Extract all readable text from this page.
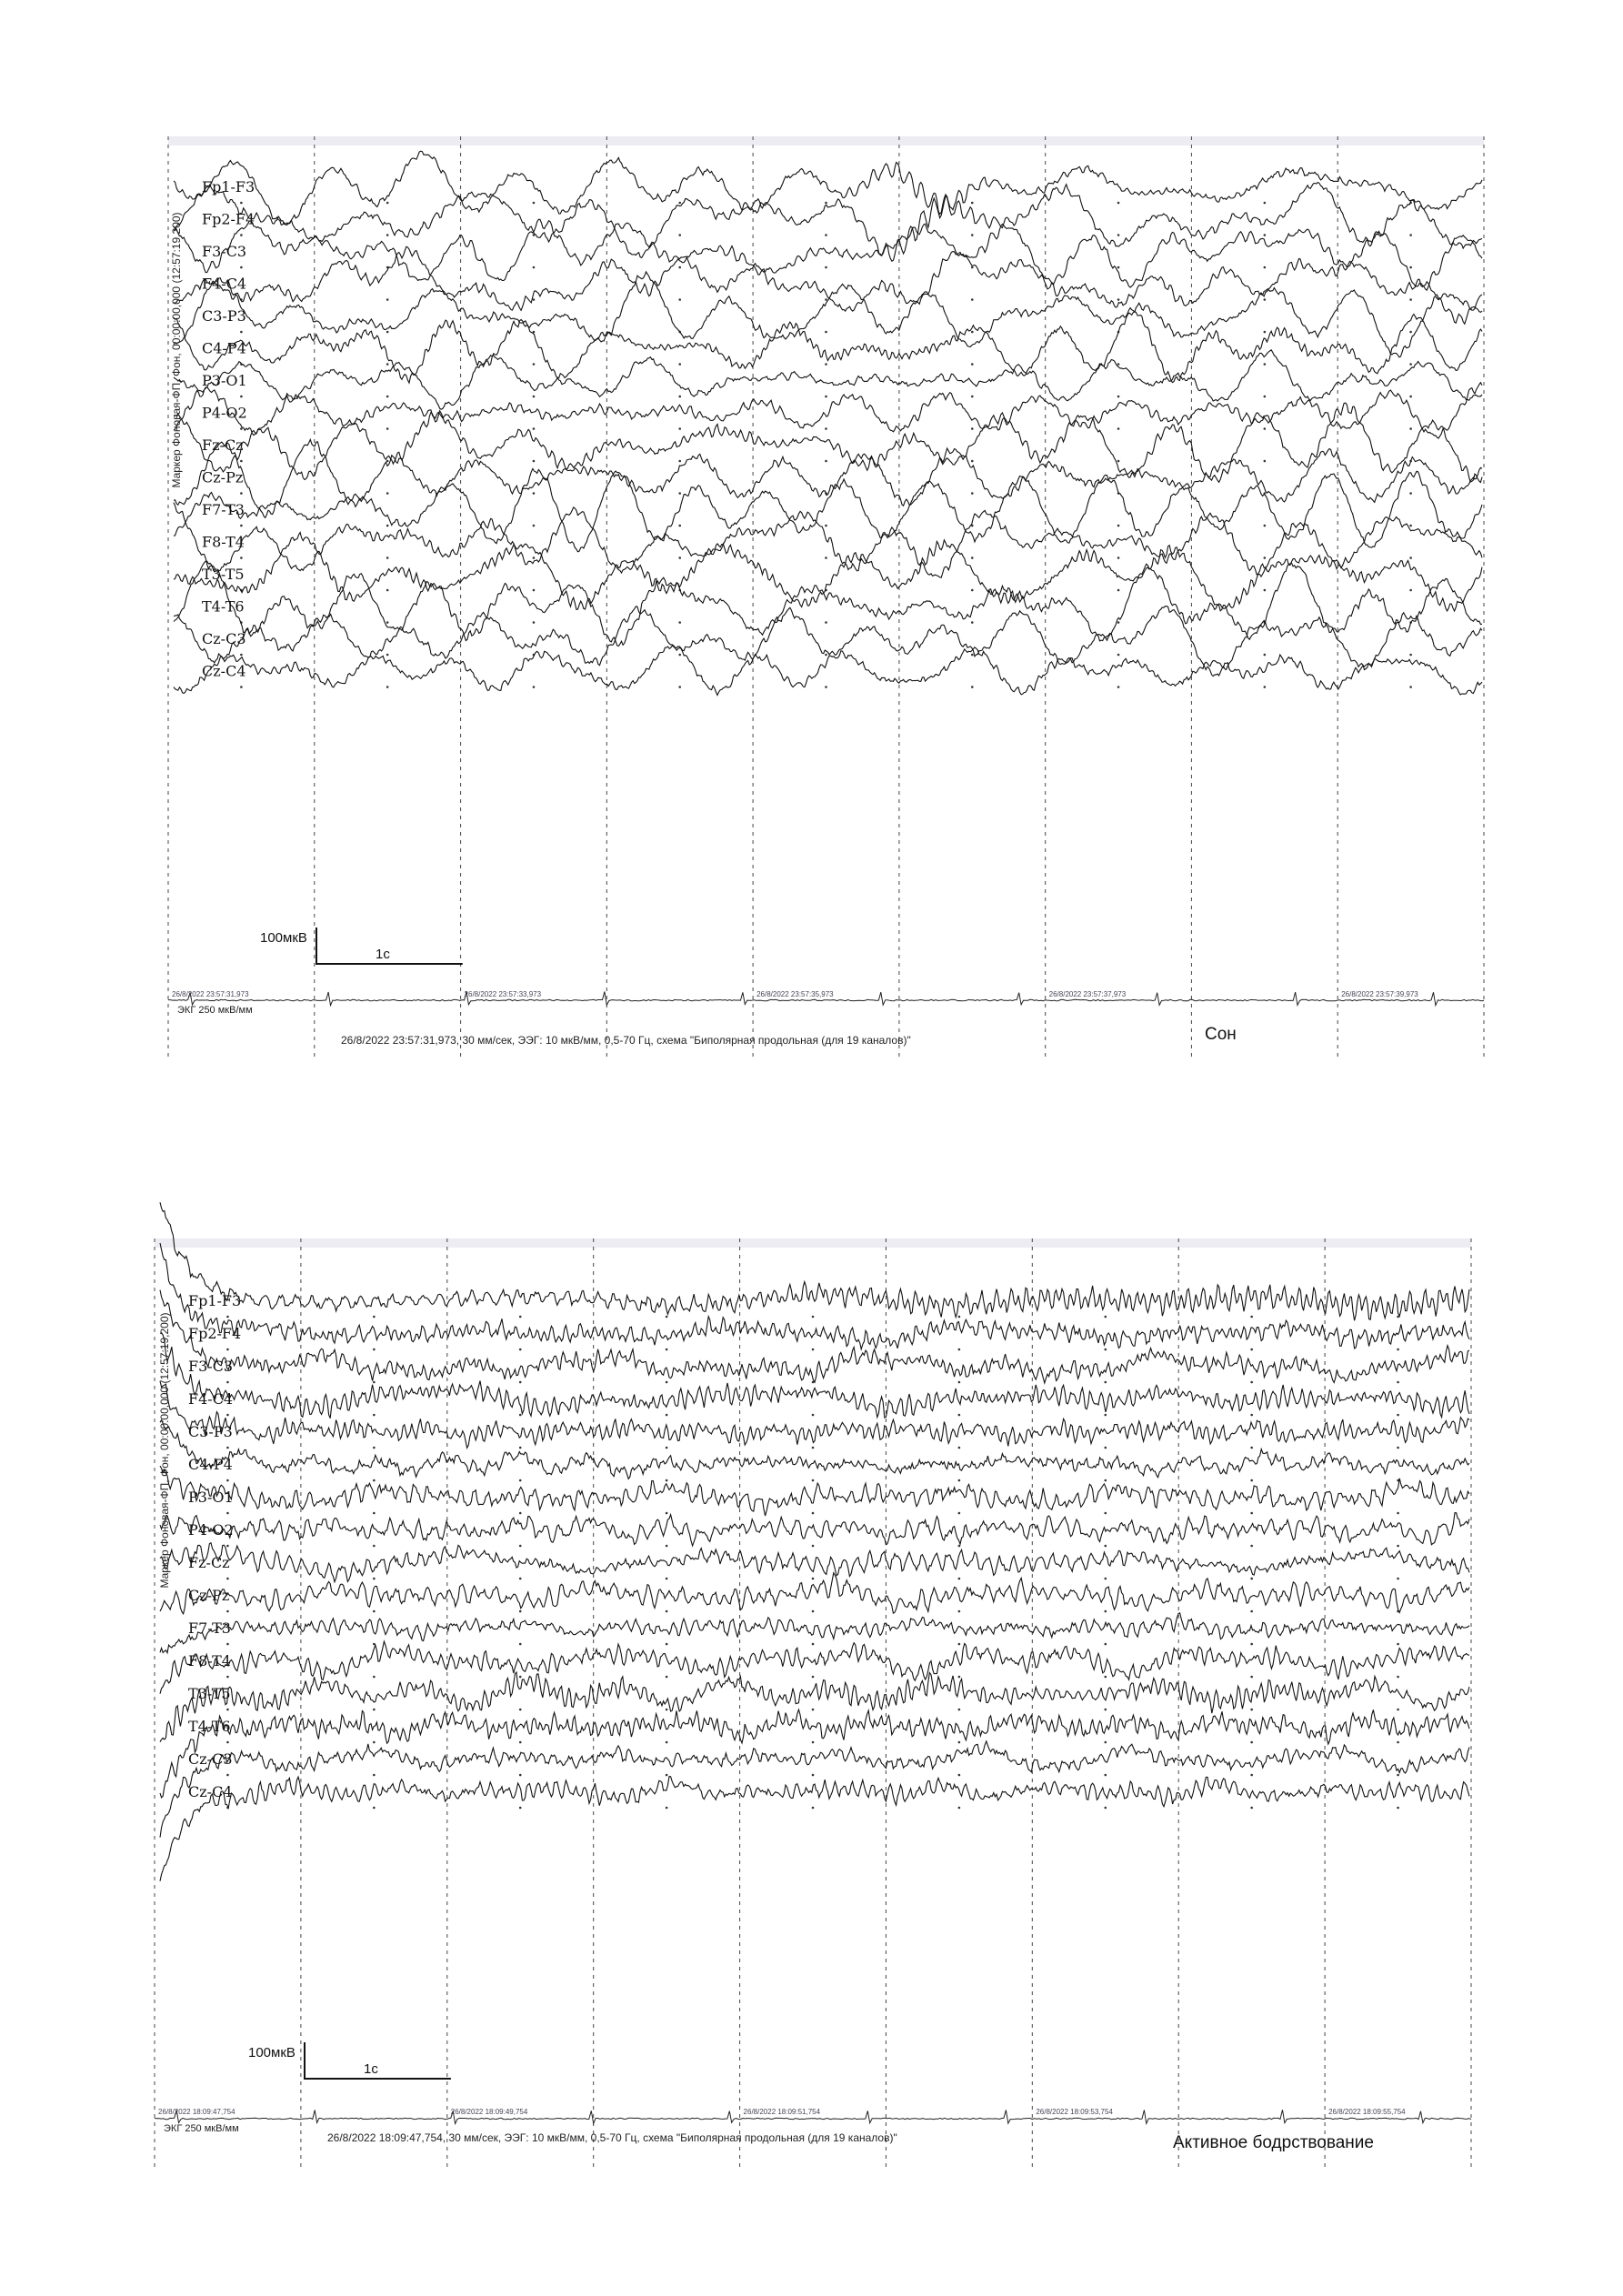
Fp1-F3
Fp2-F4
F3-C3
F4-C4
C3-P3
C4-P4
P3-O1
P4-O2
Fz-Cz
Cz-Pz
F7-T3
F8-T4
T3-T5
T4-T6
Cz-C3
Cz-C4
ЭКГ 250 мкВ/мм
26/8/2022 23:57:31,973	26/8/2022 23:57:33,973	26/8/2022 23:57:35,973	26/8/2022 23:57:37,973	26/8/2022 23:57:39,973
100мкВ
1с
Маркер Фоновая-ФП, Фон, 00:00:00,000 (12:57:19,200)
26/8/2022 23:57:31,973, 30 мм/сек, ЭЭГ: 10 мкВ/мм, 0,5-70 Гц, схема "Биполярная продольная (для 19 каналов)"	Сон
Fp1-F3
Fp2-F4
F3-C3
F4-C4
C3-P3
C4-P4
P3-O1
P4-O2
Fz-Cz
Cz-Pz
F7-T3
F8-T4
T3-T5
T4-T6
Cz-C3
Cz-C4
ЭКГ 250 мкВ/мм
26/8/2022 18:09:47,754	26/8/2022 18:09:49,754	26/8/2022 18:09:51,754	26/8/2022 18:09:53,754	26/8/2022 18:09:55,754
100мкВ
1с
Маркер Фоновая-ФП, Фон, 00:00:00,000 (12:57:19,200)
26/8/2022 18:09:47,754, 30 мм/сек, ЭЭГ: 10 мкВ/мм, 0,5-70 Гц, схема "Биполярная продольная (для 19 каналов)"	Активное бодрствование
